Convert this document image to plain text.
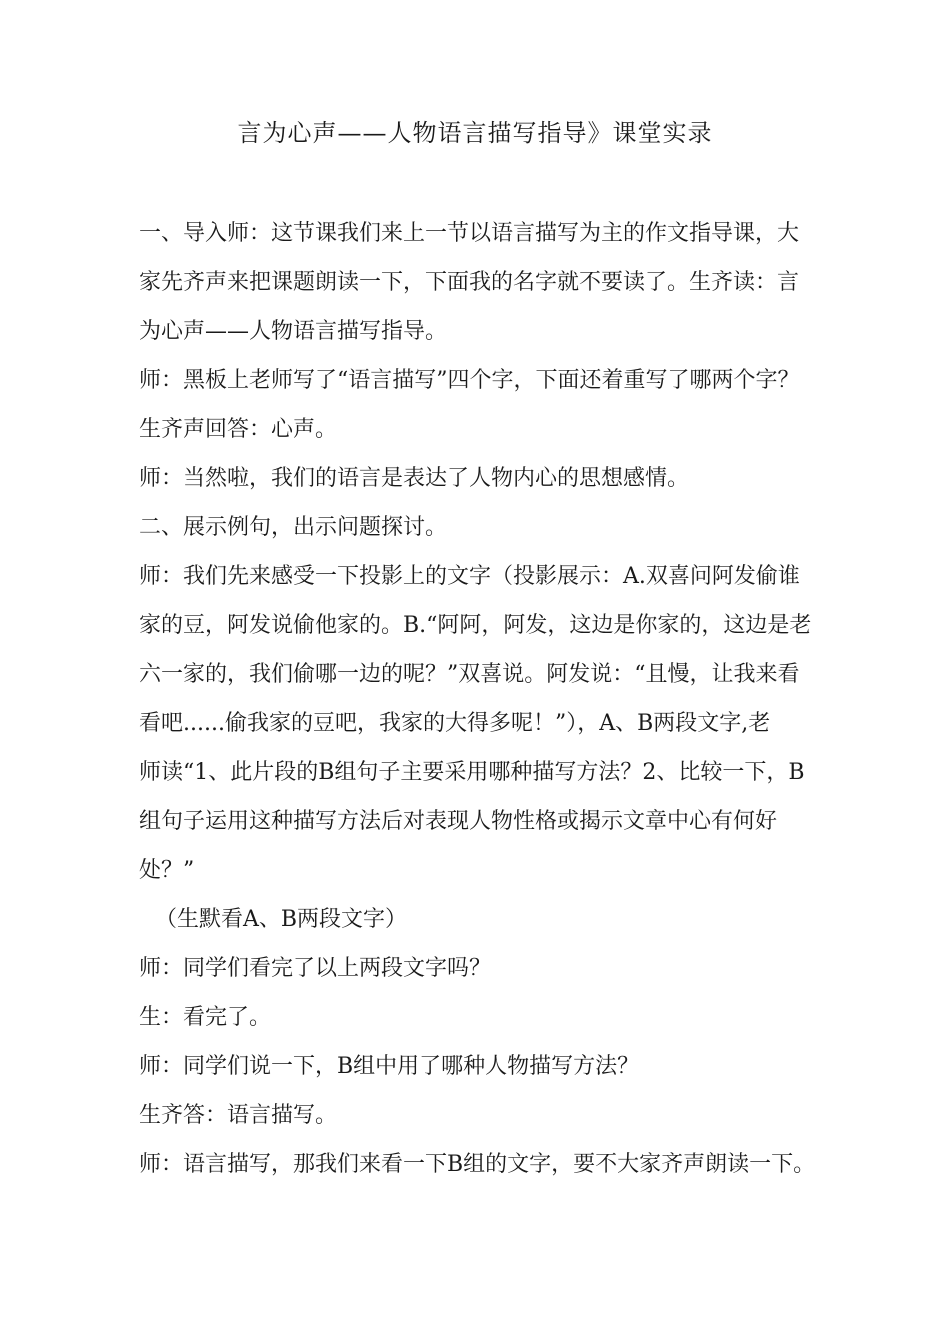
言为心声——人物语言描写指导》课堂实录
一、导入师：这节课我们来上一节以语言描写为主的作文指导课，大
家先齐声来把课题朗读一下，下面我的名字就不要读了。生齐读：言
为心声——人物语言描写指导。
师：黑板上老师写了“语言描写”四个字，下面还着重写了哪两个字？
生齐声回答：心声。
师：当然啦，我们的语言是表达了人物内心的思想感情。
二、展示例句，出示问题探讨。
师：我们先来感受一下投影上的文字（投影展示：A.双喜问阿发偷谁
家的豆，阿发说偷他家的。B.“阿阿，阿发，这边是你家的，这边是老
六一家的，我们偷哪一边的呢？”双喜说。阿发说：“且慢，让我来看
看吧......偷我家的豆吧，我家的大得多呢！”），A、B两段文字,老
师读“1、此片段的B组句子主要采用哪种描写方法？2、比较一下，B
组句子运用这种描写方法后对表现人物性格或揭示文章中心有何好
处？”
（生默看A、B两段文字）
师：同学们看完了以上两段文字吗？
生：看完了。
师：同学们说一下，B组中用了哪种人物描写方法？
生齐答：语言描写。
师：语言描写，那我们来看一下B组的文字，要不大家齐声朗读一下。
